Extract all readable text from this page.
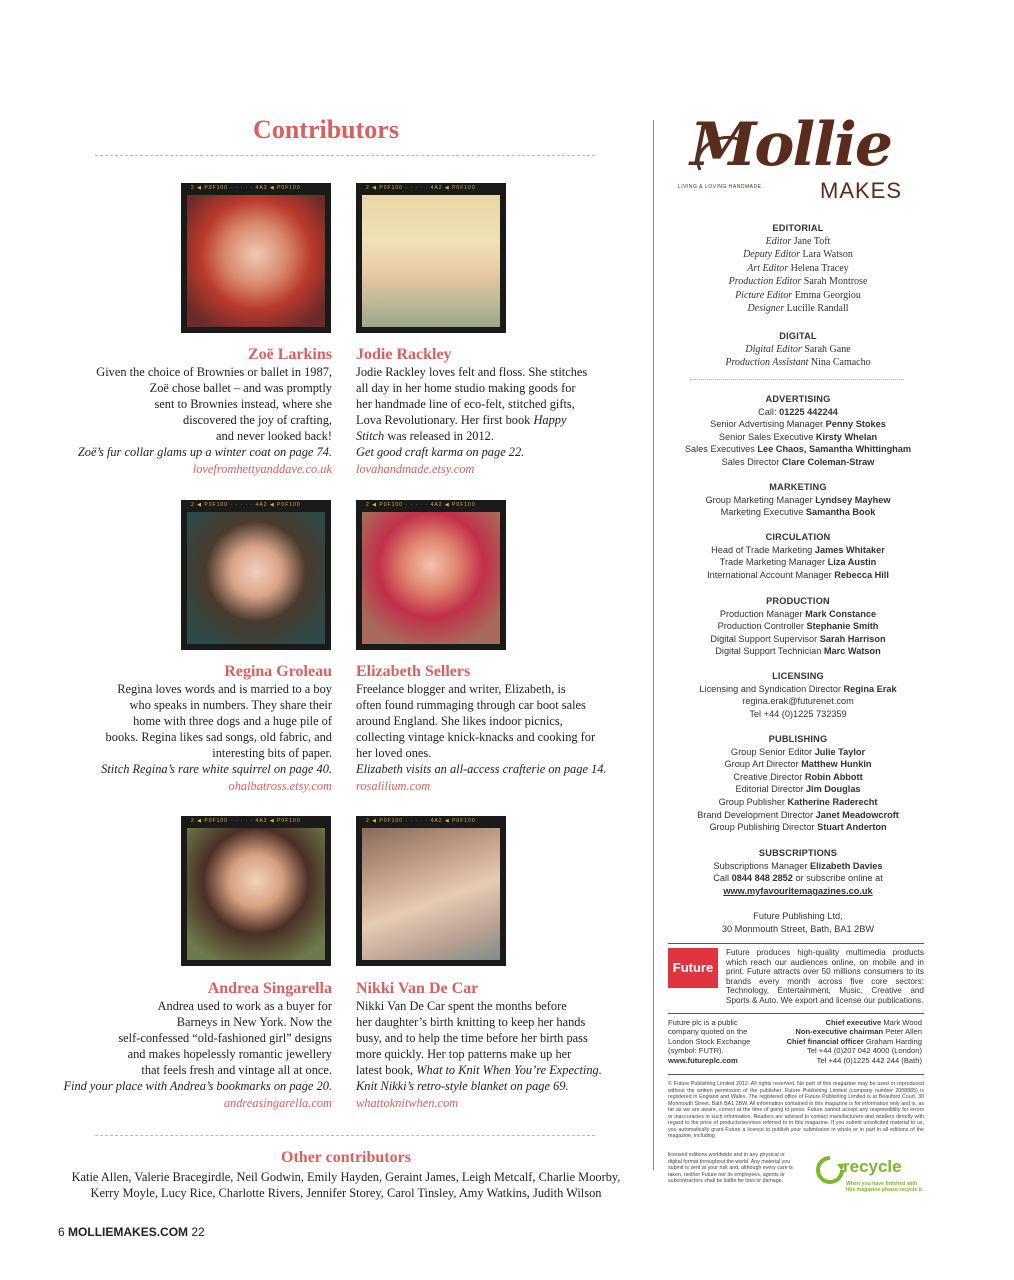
Contributors
2 ◀ P0F100 · · · · · 4A2 ◀ P0F100
Zoë Larkins

Given the choice of Brownies or ballet in 1987,

Zoë chose ballet – and was promptly

sent to Brownies instead, where she

discovered the joy of crafting,

and never looked back!

Zoë’s fur collar glams up a winter coat on page 74.

lovefromhettyanddave.co.uk

2 ◀ P0F100 · · · · · 4A2 ◀ P0F100
Jodie Rackley

Jodie Rackley loves felt and floss. She stitches

all day in her home studio making goods for

her handmade line of eco-felt, stitched gifts,

Lova Revolutionary. Her first book Happy

Stitch was released in 2012.

Get good craft karma on page 22.

lovahandmade.etsy.com

2 ◀ P0F100 · · · · · 4A2 ◀ P0F100
Regina Groleau

Regina loves words and is married to a boy

who speaks in numbers. They share their

home with three dogs and a huge pile of

books. Regina likes sad songs, old fabric, and

interesting bits of paper.

Stitch Regina’s rare white squirrel on page 40.

ohalbatross.etsy.com

2 ◀ P0F100 · · · · · 4A2 ◀ P0F100
Elizabeth Sellers

Freelance blogger and writer, Elizabeth, is

often found rummaging through car boot sales

around England. She likes indoor picnics,

collecting vintage knick-knacks and cooking for

her loved ones.

Elizabeth visits an all-access crafterie on page 14.

rosalilium.com

2 ◀ P0F100 · · · · · 4A2 ◀ P0F100
Andrea Singarella

Andrea used to work as a buyer for

Barneys in New York. Now the

self-confessed “old-fashioned girl” designs

and makes hopelessly romantic jewellery

that feels fresh and vintage all at once.

Find your place with Andrea’s bookmarks on page 20.

andreasingarella.com

2 ◀ P0F100 · · · · · 4A2 ◀ P0F100
Nikki Van De Car

Nikki Van De Car spent the months before

her daughter’s birth knitting to keep her hands

busy, and to help the time before her birth pass

more quickly. Her top patterns make up her

latest book, What to Knit When You’re Expecting.

Knit Nikki’s retro-style blanket on page 69.

whattoknitwhen.com

Other contributors
Katie Allen, Valerie Bracegirdle, Neil Godwin, Emily Hayden, Geraint James, Leigh Metcalf, Charlie Moorby,
Kerry Moyle, Lucy Rice, Charlotte Rivers, Jennifer Storey, Carol Tinsley, Amy Watkins, Judith Wilson
Mollie
MAKES
LIVING & LOVING HANDMADE
EDITORIAL
Editor Jane Toft
Deputy Editor Lara Watson
Art Editor Helena Tracey
Production Editor Sarah Montrose
Picture Editor Emma Georgiou
Designer Lucille Randall
DIGITAL
Digital Editor Sarah Gane
Production Assistant Nina Camacho
ADVERTISING
Call: 01225 442244
Senior Advertising Manager Penny Stokes
Senior Sales Executive Kirsty Whelan
Sales Executives Lee Chaos, Samantha Whittingham
Sales Director Clare Coleman-Straw
MARKETING
Group Marketing Manager Lyndsey Mayhew
Marketing Executive Samantha Book
CIRCULATION
Head of Trade Marketing James Whitaker
Trade Marketing Manager Liza Austin
International Account Manager Rebecca Hill
PRODUCTION
Production Manager Mark Constance
Production Controller Stephanie Smith
Digital Support Supervisor Sarah Harrison
Digital Support Technician Marc Watson
LICENSING
Licensing and Syndication Director Regina Erak
regina.erak@futurenet.com
Tel +44 (0)1225 732359
PUBLISHING
Group Senior Editor Julie Taylor
Group Art Director Matthew Hunkin
Creative Director Robin Abbott
Editorial Director Jim Douglas
Group Publisher Katherine Raderecht
Brand Development Director Janet Meadowcroft
Group Publishing Director Stuart Anderton
SUBSCRIPTIONS
Subscriptions Manager Elizabeth Davies
Call 0844 848 2852 or subscribe online at
www.myfavouritemagazines.co.uk
Future Publishing Ltd,
30 Monmouth Street, Bath, BA1 2BW
Future
Future produces high-quality multimedia products which reach our audiences online, on mobile and in print. Future attracts over 50 millions consumers to its brands every month across five core sectors: Technology, Entertainment, Music, Creative and Sports & Auto. We export and license our publications.
Future plc is a public
company quoted on the
London Stock Exchange
(symbol: FUTR).
www.futureplc.com
Chief executive Mark Wood
Non-executive chairman Peter Allen
Chief financial officer Graham Harding
Tel +44 (0)207 042 4000 (London)
Tel +44 (0)1225 442 244 (Bath)
© Future Publishing Limited 2012. All rights reserved. No part of this magazine may be used or reproduced without the written permission of the publisher. Future Publishing Limited (company number 2008885) is registered in England and Wales. The registered office of Future Publishing Limited is at Beauford Court, 30 Monmouth Street, Bath BA1 2BW. All information contained in this magazine is for information only and is, as far as we are aware, correct at the time of going to press. Future cannot accept any responsibility for errors or inaccuracies in such information. Readers are advised to contact manufacturers and retailers directly with regard to the price of products/services referred to in this magazine. If you submit unsolicited material to us, you automatically grant Future a licence to publish your submission in whole or in part in all editions of the magazine, including
licensed editions worldwide and in any physical or
digital format throughout the world. Any material you
submit is sent at your risk and, although every care is
taken, neither Future nor its employees, agents or
subcontractors shall be liable for loss or damage.
recycle
When you have finished with
this magazine please recycle it.
6 MOLLIEMAKES.COM 22
